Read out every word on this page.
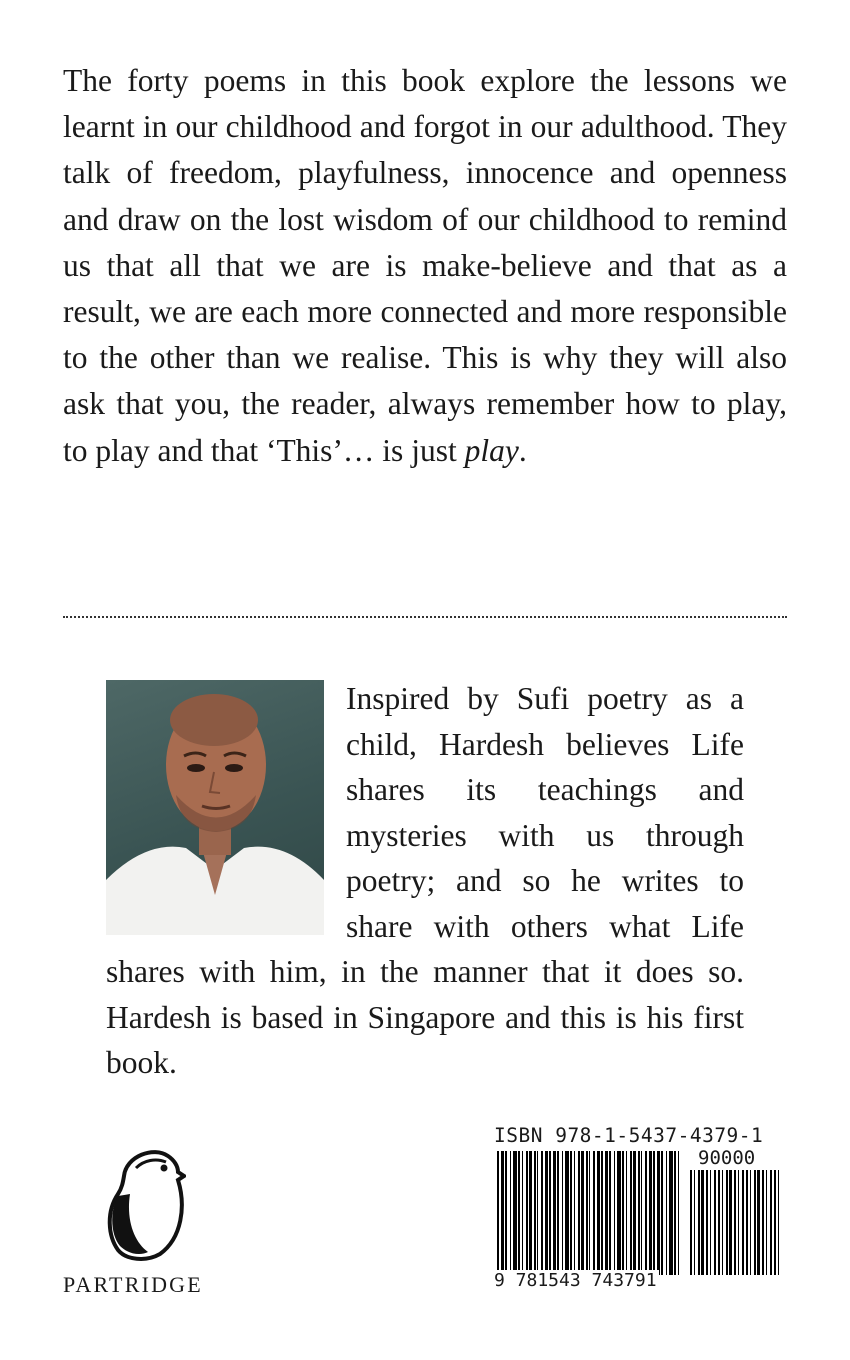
The forty poems in this book explore the lessons we learnt in our childhood and forgot in our adulthood. They talk of freedom, playfulness, innocence and openness and draw on the lost wisdom of our childhood to remind us that all that we are is make-believe and that as a result, we are each more connected and more responsible to the other than we realise. This is why they will also ask that you, the reader, always remember how to play, to play and that ‘This’… is just play.

Inspired by Sufi poetry as a child, Hardesh believes Life shares its teachings and mysteries with us through poetry; and so he writes to share with others what Life shares with him, in the manner that it does so. Hardesh is based in Singapore and this is his first book.

PARTRIDGE

ISBN 978-1-5437-4379-1

90000

9 781543 743791
